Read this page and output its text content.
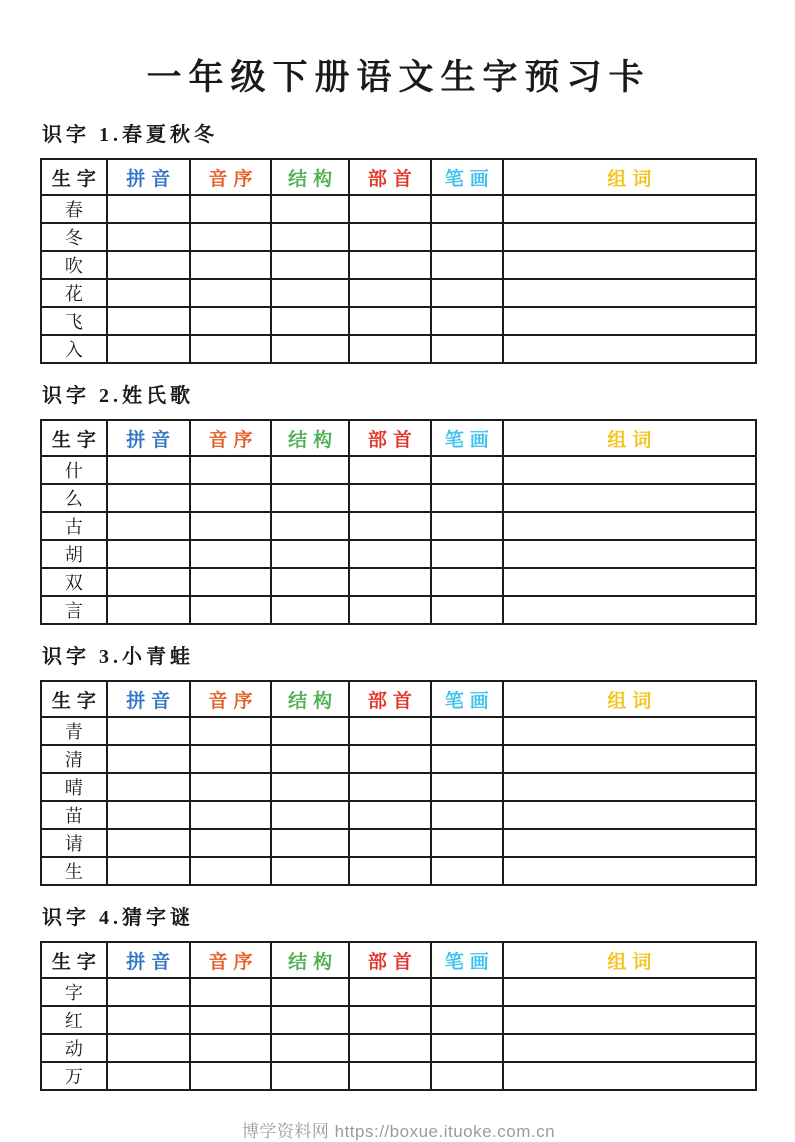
一年级下册语文生字预习卡
识字 1.春夏秋冬
生字	拼音	音序	结构	部首	笔画	组词
春						
冬						
吹						
花						
飞						
入						
识字 2.姓氏歌
生字	拼音	音序	结构	部首	笔画	组词
什						
么						
古						
胡						
双						
言						
识字 3.小青蛙
生字	拼音	音序	结构	部首	笔画	组词
青						
清						
晴						
苗						
请						
生						
识字 4.猜字谜
生字	拼音	音序	结构	部首	笔画	组词
字						
红						
动						
万						
博学资料网 https://boxue.ituoke.com.cn
